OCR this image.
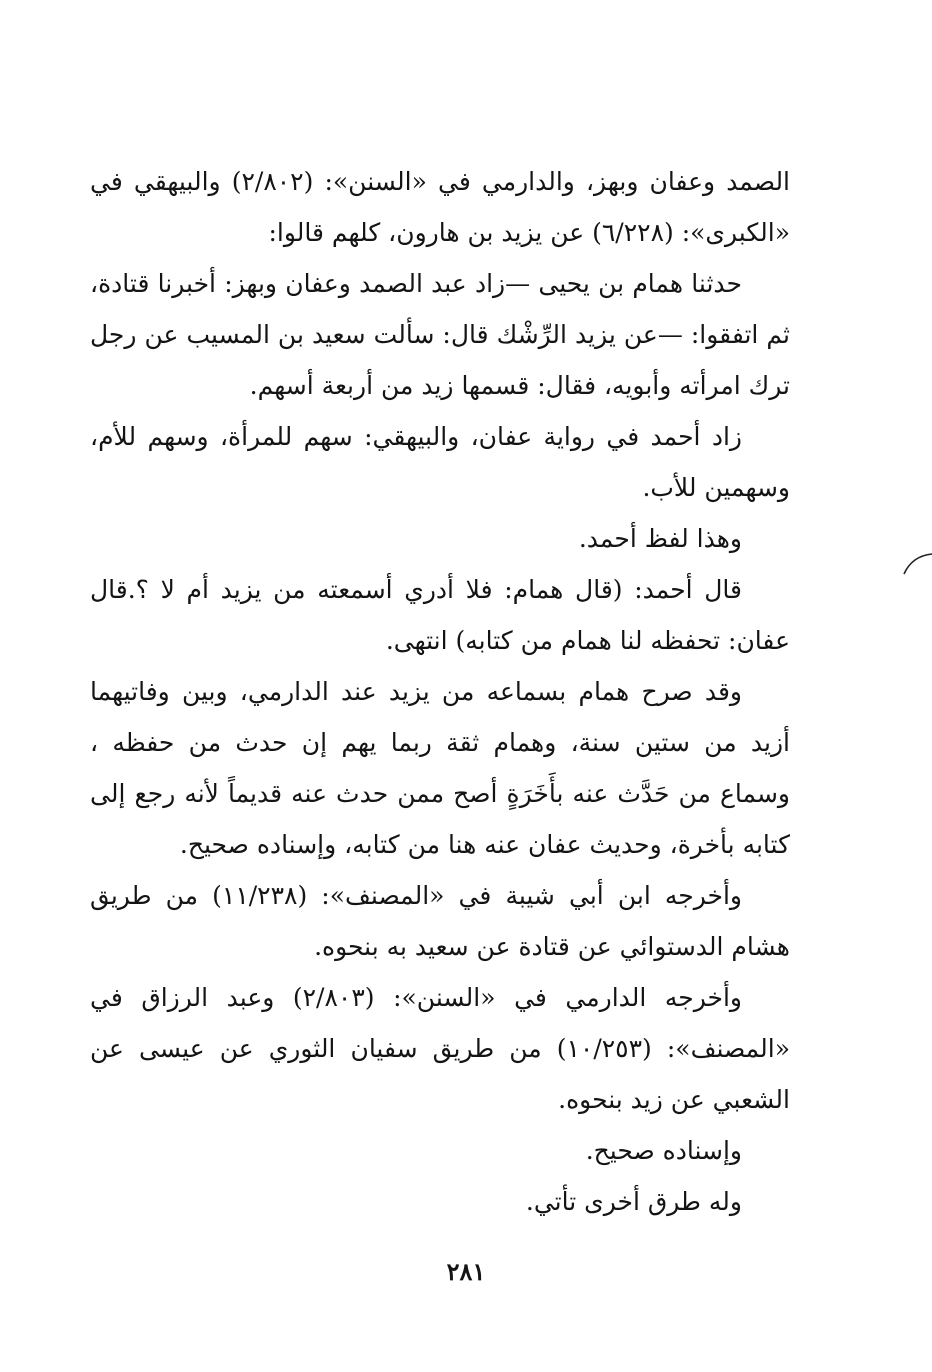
الصمد وعفان وبهز، والدارمي في «السنن»: (٢/٨٠٢) والبيهقي في «الكبرى»: (٦/٢٢٨) عن يزيد بن هارون، كلهم قالوا:

حدثنا همام بن يحيى —زاد عبد الصمد وعفان وبهز: أخبرنا قتادة، ثم اتفقوا: —عن يزيد الرِّشْك قال: سألت سعيد بن المسيب عن رجل ترك امرأته وأبويه، فقال: قسمها زيد من أربعة أسهم.

زاد أحمد في رواية عفان، والبيهقي: سهم للمرأة، وسهم للأم، وسهمين للأب.

وهذا لفظ أحمد.

قال أحمد: (قال همام: فلا أدري أسمعته من يزيد أم لا ؟.قال عفان: تحفظه لنا همام من كتابه) انتهى.

وقد صرح همام بسماعه من يزيد عند الدارمي، وبين وفاتيهما أزيد من ستين سنة، وهمام ثقة ربما يهم إن حدث من حفظه ، وسماع من حَدَّث عنه بأَخَرَةٍ أصح ممن حدث عنه قديماً لأنه رجع إلى كتابه بأخرة، وحديث عفان عنه هنا من كتابه، وإسناده صحيح.

وأخرجه ابن أبي شيبة في «المصنف»: (١١/٢٣٨) من طريق هشام الدستوائي عن قتادة عن سعيد به بنحوه.

وأخرجه الدارمي في «السنن»: (٢/٨٠٣) وعبد الرزاق في «المصنف»: (١٠/٢٥٣) من طريق سفيان الثوري عن عيسى عن الشعبي عن زيد بنحوه.

وإسناده صحيح.

وله طرق أخرى تأتي.

٢٨١
